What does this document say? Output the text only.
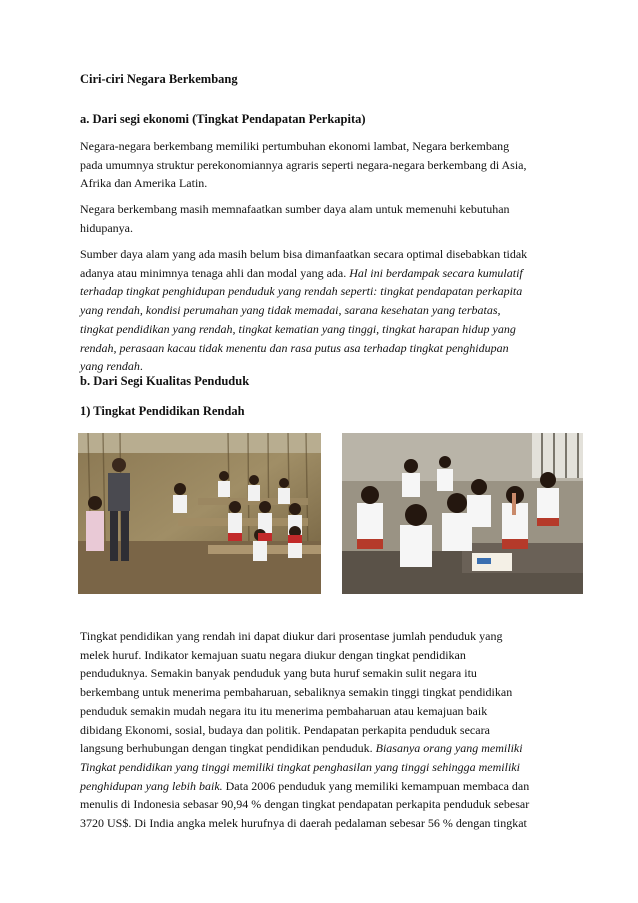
Ciri-ciri Negara Berkembang
a. Dari segi ekonomi (Tingkat Pendapatan Perkapita)
Negara-negara berkembang memiliki pertumbuhan ekonomi lambat, Negara berkembang
pada umumnya struktur perekonomiannya agraris seperti negara-negara berkembang di Asia,
Afrika dan Amerika Latin.
Negara berkembang masih memnafaatkan sumber daya alam untuk memenuhi kebutuhan
hidupanya.
Sumber daya alam yang ada masih belum bisa dimanfaatkan secara optimal disebabkan tidak
adanya atau minimnya tenaga ahli dan modal yang ada. Hal ini berdampak secara kumulatif
terhadap tingkat penghidupan penduduk yang rendah seperti: tingkat pendapatan perkapita
yang rendah, kondisi perumahan yang tidak memadai, sarana kesehatan yang terbatas,
tingkat pendidikan yang rendah, tingkat kematian yang tinggi, tingkat harapan hidup yang
rendah, perasaan kacau tidak menentu dan rasa putus asa terhadap tingkat penghidupan
yang rendah.
b. Dari Segi Kualitas Penduduk
1) Tingkat Pendidikan Rendah
Tingkat pendidikan yang rendah ini dapat diukur dari prosentase jumlah penduduk yang
melek huruf. Indikator kemajuan suatu negara diukur dengan tingkat pendidikan
penduduknya. Semakin banyak penduduk yang buta huruf semakin sulit negara itu
berkembang untuk menerima pembaharuan, sebaliknya semakin tinggi tingkat pendidikan
penduduk semakin mudah negara itu itu menerima pembaharuan atau kemajuan baik
dibidang Ekonomi, sosial, budaya dan politik. Pendapatan perkapita penduduk secara
langsung berhubungan dengan tingkat pendidikan penduduk. Biasanya orang yang memiliki
Tingkat pendidikan yang tinggi memiliki tingkat penghasilan yang tinggi sehingga memiliki
penghidupan yang lebih baik. Data 2006 penduduk yang memiliki kemampuan membaca dan
menulis di Indonesia sebasar 90,94 % dengan tingkat pendapatan perkapita penduduk sebesar
3720 US$. Di India angka melek hurufnya di daerah pedalaman sebesar 56 % dengan tingkat
